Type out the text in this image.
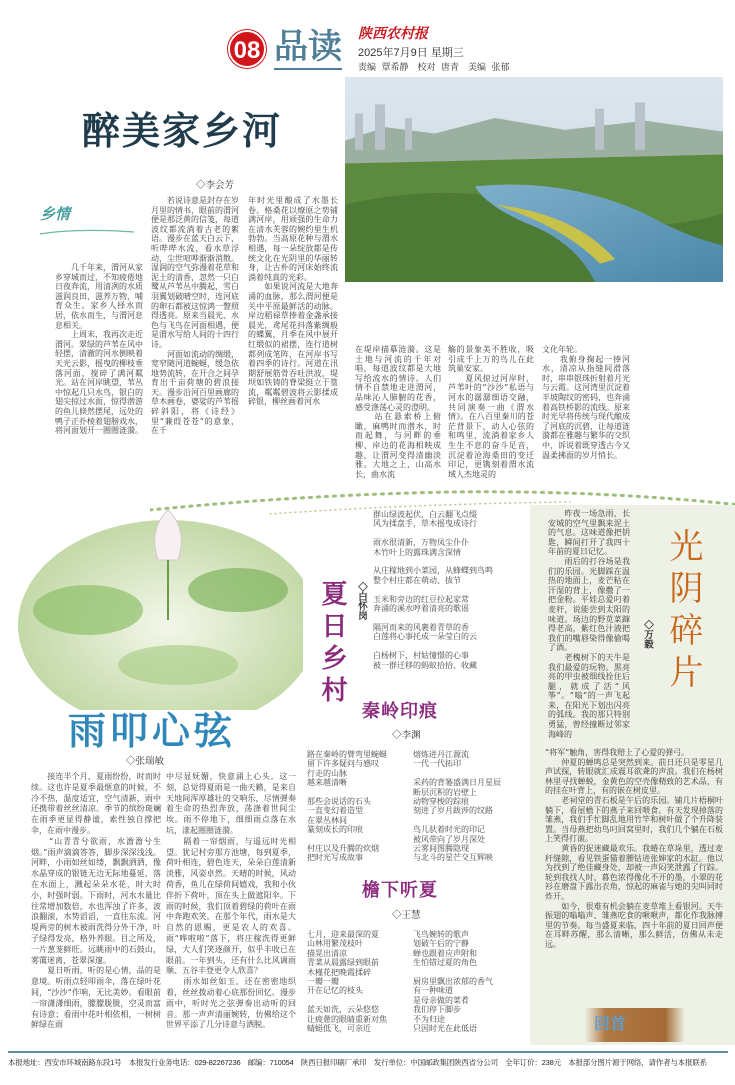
08 品读 陕西农村报
2025年7月9日 星期三
责编 覃希静　校对 唐青　美编 张郁
醉美家乡河
◇李会芳
乡情
　　几千年来，渭河从家乡穿城而过，不知疲倦地日夜奔流，用清冽的水质滋润良田，滋养万物，哺育众生。家乡人择水而居，依水而生，与渭河息息相关。
　　上周末，我再次走近渭河。翠绿的芦苇在风中轻摆，清澈的河水倒映着天光云影，摇曳的柳枝垂落河面，搅碎了满河粼光。站在河岸眺望，苇丛中惊起几只水鸟，银白的翅尖掠过水面，惊得潜游的鱼儿倏然摆尾，远处的鸭子正扑棱着翅膀戏水，将河面划开一圈圈涟漪。
　　若说诗意是封存在岁月里的情书，眼前的渭河便是那泛黄的信笺，每道波纹都流淌着古老的絮语。漫步在蓝天白云下，听哔哔水流，看水草浮动，尘世喧哗渐渐消散。湿润的空气弥漫着花草和泥土的清香，忽然一只白鹭从芦苇丛中腾起，雪白羽翼划破晴空时，连河底的卵石都被这惊鸿一瞥照得透亮。原来当晨光、水色与飞鸟在河面相遇，便是渭水写给人间的十四行诗。
　　河面如流动的绸缎，宽窄随河道蜿蜒，缓急依地势流转，在开合之间孕育出千亩荷塘的碧浪接天。漫步沿河百里画廊的草木画卷，婆娑的芦苇摇碎斜阳，将《诗经》里“蒹葭苍苍”的意象，在千
年时光里酿成了水墨长卷。格桑花以燎原之势铺满河岸，用顽强的生命力在清水芙蓉的婉约里生机勃勃。当高原花种与渭水相遇，每一朵绽放都是传统文化在光阴里的华丽转身，让古朴的河床始终流淌着纯真的光彩。
　　如果说河流是大地奔涌的血脉，那么渭河便是关中平原最鲜活的动脉。岸边稻禄草捧着金盏承接晨光，鸢尾花抖落紫绸般的蝶翼，月季在风中展开红缎似的裙摆，连行道树都列成笔阵，在河岸书写着四季的诗行。河道在汛期舒展筋骨吞吐洪波，堤坝如铁铸的脊梁挺立于篁流，粼粼碧波将云影揉成碎银，柳丝画着河水
在堤岸描摹涟漪。这是土地与河流的千年对唱，每道波纹都是大地写给流水的情诗。人们情不自禁地走进渭河，品味沁人肺腑的花香，感受涤荡心灵的澄明。
　　站在悬索桥上俯瞰，麻鸭时而潜水，时而起舞，与河畔的垂柳、岸边的花海相映成趣，让渭河变得清幽淡雅。大地之上，山高水长，曲水流
觞的景象美不胜收，吸引成千上万的鸟儿在此筑巢安家。
　　夏风掠过河岸时，芦苇叶的“沙沙”私语与河水的潺潺细语交融，共同演奏一曲《渭水情》。在八百里秦川的苍茫背景下，动人心弦的和鸣里，流淌着家乡人生生不息的奋斗足音，沉淀着沧海桑田的变迁印记，更镌刻着渭水流域人杰地灵的
文化年轮。
　　我俯身掬起一捧河水，清凉从指缝间滑落时，串串银珠折射着月光与云霞。这河湾里沉淀着半坡陶纹的密码，也奔涌着高铁桥影的流线。原来时光早将传统与现代酿成了河底的沉碧，让每道涟漪都在雅趣与繁华的交织中，诉说着既穿透古今又温柔拂面的岁月悄长。
雨叩心弦
◇张瑞敏
　　接连半个月，夏雨纷纷，时而时续。这也许是夏季最惬意的时候，不冷不热，温度适宜，空气清新，雨中还携带着丝丝清凉。季节的缤纷斑斓在雨季更显得静谧，索性独自撑把伞，在雨中漫步。
　　“山青青兮欲雨，水澹澹兮生烟。”雨声滴滴答答，脚步深深浅浅。河畔，小雨如丝如缕，飘飘洒洒，像水晶穿成的银链无边无际地蔓延，落在水面上，溅起朵朵水花，时大时小，时强时弱。下雨时，河水水量比往常增加数倍，水也浑浊了许多，波浪翻滚，水势滔滔，一直往东流。河堤两旁的树木被雨洗得分外干净，叶子绿得发亮，格外养眼。目之所及，一片葱茏鲜旺。远眺雨中的石鼓山，雾霭迷离，苍翠深邃。
　　夏日听雨，听的是心情，品的是意境。听雨点轻叩雨伞，落在绿叶花间，“沙沙”作响，无比美妙。看眼前一帘潇潇细雨，朦朦胧胧，空灵而富有诗意；看雨中花叶相依相，一树树鲜绿在雨
中尽显妩媚，快意涌上心头。这一刻，总觉得夏雨是一曲天籁，是来自天地间浑厚雄壮的交响乐，尽情弹奏着生命的热烈奔放，荡涤着世间尘埃。雨不停地下，细细雨点落在水坑，漾起圈圈涟漪。
　　隔着一帘烟雨，与遥远时光相望。犹记村旁那方池塘，每到夏季，荷叶相连，碧色连天，朵朵白莲清新淡雅，风姿卓然。天晴的时候，风动荷香，鱼儿在绿荷间嬉戏，我和小伙伴折下荷叶，顶在头上做遮阳伞。下雨的时候，我们顶着碧绿的荷叶在雨中奔跑欢笑。在那个年代，雨水是大自然的恩赐，更是农人的欢喜。雨“哗啦啦”落下，将庄稼洗得更鲜绿，大人们笑逐颜开，似乎丰收已在眼前。一年到头，还有什么比风调雨顺、五谷丰登更令人欣喜？
　　雨水如丝如玉，还在密密地织着，丝丝拨动着心底那份回忆。漫步雨中，听时光之弦弹奏出动听的回音。那一声声清丽婉转，仿佛给这个世界平添了几分诗意与洒脱。
夏日乡村 ◇白怀岗
群山绿波起伏，白云翻飞点缀
风为揉盘手，草木摇曳成诗行

雨水很清新，万物凤尘仆仆
木竹叶上的露珠满含深情

从庄稼地到小菜园，从蜂蝶到鸟鸣
整个村庄都在萌动、拔节

玉米和旁边的红豆拉起家常
奔涌的溪水哼着清亮的歌谣

隔河而来的风裹着青草的香
白莲将心事托成一朵莹白的云

白杨树下，村姑憧憬的心事
被一群迁移的蚂蚁拾拾、收藏
秦岭印痕
◇李渊
路在秦岭的臂弯里蜿蜒
留下许多疑问与感叹
行走的山脉
越来越清晰

那些会说话的石头
一直变幻着造型
在翠丛林间
篆刻成长的印痕

村庄以及升腾的炊烟
把时光写成故事
熔炼进丹江源流
一代一代拓印

采药的背篓盛满日月星辰
断层沉积的岩壁上
动物穿梭的踪痕
刻进了岁月跋涉的纹路

鸟儿驮着时光的印记
被风带向了岁月深处
云雾间图腾隐现
与北斗的星芒交互辉映
檐下听夏
◇王慧
七月，迎来最深的夏
山林用繁茂枝叶
描晃出清凉
青菜从晨露绿到眼前
木槿花把晚霞揉碎
一瓣一瓣
开在记忆的枝头

蓝天如洗，云朵悠悠
让疲惫的眼睛重新对焦
蜻蜓低飞，可亲近
飞鸟婉转的歌声
划破午后的宁静
蝉也跟着应声附和
生怕错过夏的角色

厨房里飘出浓郁的香气
有一种味道
是母亲做的菜肴
我们停下脚步
不为归途
只因时光在此低语
光阴碎片
◇万毅
　　昨夜一场急雨，长安城的空气里飘来泥土的气息。这味道像把钥匙，瞬间打开了我四十年前的夏日记忆。
　　雨后的打谷场是我们的乐园。光脚踩在温热的地面上，麦芒粘在汗湿的背上，像撒了一把金粉。平娃总爱叼着麦秆，说能尝到太阳的味道。场边的野苋菜蹿得老高，紫红色汁液把我们的嘴唇染得像偷喝了酒。
　　老槐树下的天牛是我们最爱的玩物。黑亮亮的甲虫被细线拴住后腿，就成了活“风筝”。“嗡”的一声飞起来，在阳光下划出闪亮的弧线。我的那只特别勇猛，曾经撞断过邻家海峰的
“将军”触角，害得我赔上了心爱的弹弓。
　　仲夏的蝉鸣总是突然到来。前日还只是零星几声试探，转眼就汇成震耳欲聋的声浪。我们在杨树林里寻找蝉蜕，金黄色的空壳像精致的艺术品，有的挂在叶背上，有的嵌在树皮里。
　　老祠堂的青石板是午后的乐园。铺几片梧桐叶躺下，看屋檐下的燕子来回喂食。有天发现掉落的雏燕，我们手忙脚乱地用竹竿和树叶做了个升降装置。当母燕把幼鸟叼回窝里时，我们几个躺在石板上笑得打滚。
　　黄昏的捉迷藏最欢乐。我蜷在草垛里，透过麦秆缝隙，看见铁蛋猫着腰钻进张婶家的水缸。他以为找到了绝佳藏身处，却被一声闷笑泄露了行踪。轮到我找人时，暮色浓得像化不开的墨，小翠的花衫在磨盘下露出衣角，惊起的麻雀与她的尖叫同时炸开。
　　如今，很难有机会躺在麦草堆上看银河。天牛振翅的嗡嗡声、雏燕吃食的啾啾声，都化作我脉搏里的节奏。每当盛夏来临，四十年前的夏日回声便在耳畔苏醒，那么清晰，那么鲜活，仿佛从未走远。
回首
本报地址：西安市环城南路东段1号　本报发行业务电话：029-82267236　邮编：710054　陕西日报印刷厂承印　发行单位：中国邮政集团陕西省分公司　全年订价：238元　本报部分图片源于网络，请作者与本报联系
